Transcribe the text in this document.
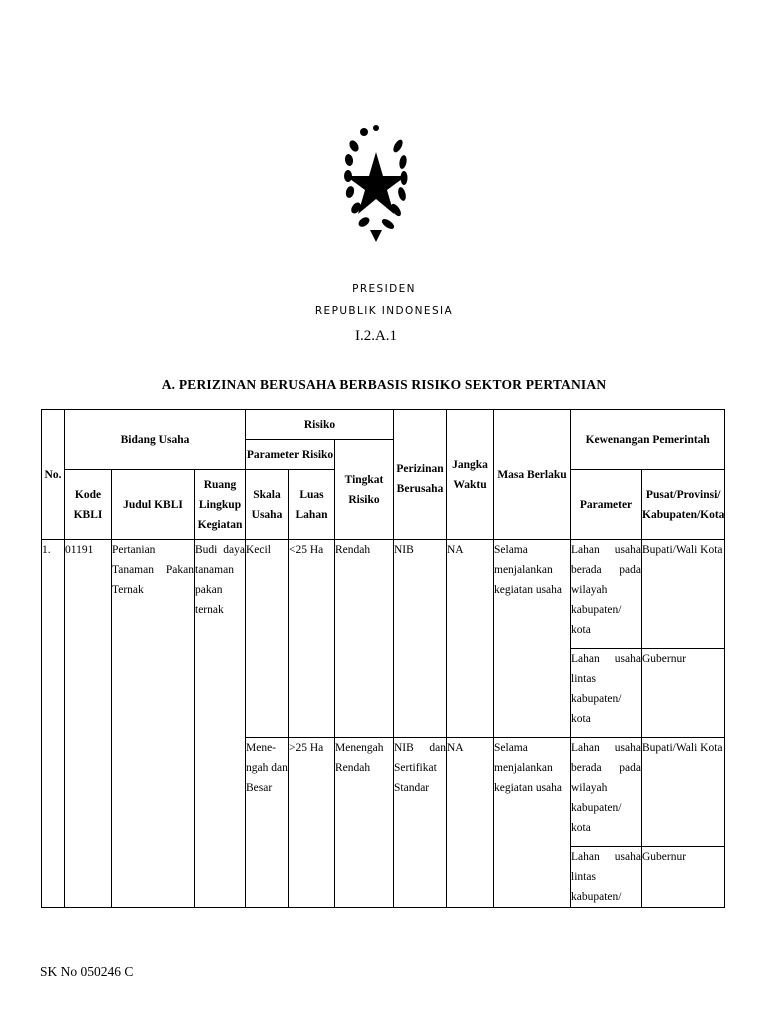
PRESIDEN
REPUBLIK INDONESIA
I.2.A.1
A. PERIZINAN BERUSAHA BERBASIS RISIKO SEKTOR PERTANIAN
No.	Bidang Usaha			Risiko			Perizinan Berusaha	Jangka Waktu	Masa Berlaku	Kewenangan Pemerintah	
				Parameter Risiko		Tingkat Risiko					
	Kode KBLI	Judul KBLI	Ruang Lingkup Kegiatan	Skala Usaha	Luas Lahan					Parameter	Pusat/Provinsi/ Kabupaten/Kota
1.	01191	Pertanian Tanaman Pakan Ternak	Budi daya tanaman pakan ternak	Kecil	<25 Ha	Rendah	NIB	NA	Selama menjalankan kegiatan usaha	Lahan usaha berada pada wilayah kabupaten/ kota	Bupati/Wali Kota
										Lahan usaha lintas kabupaten/ kota	Gubernur
				Mene- ngah dan Besar	>25 Ha	Menengah Rendah	NIB dan Sertifikat Standar	NA	Selama menjalankan kegiatan usaha	Lahan usaha berada pada wilayah kabupaten/ kota	Bupati/Wali Kota
										Lahan usaha lintas kabupaten/	Gubernur
SK No 050246 C
